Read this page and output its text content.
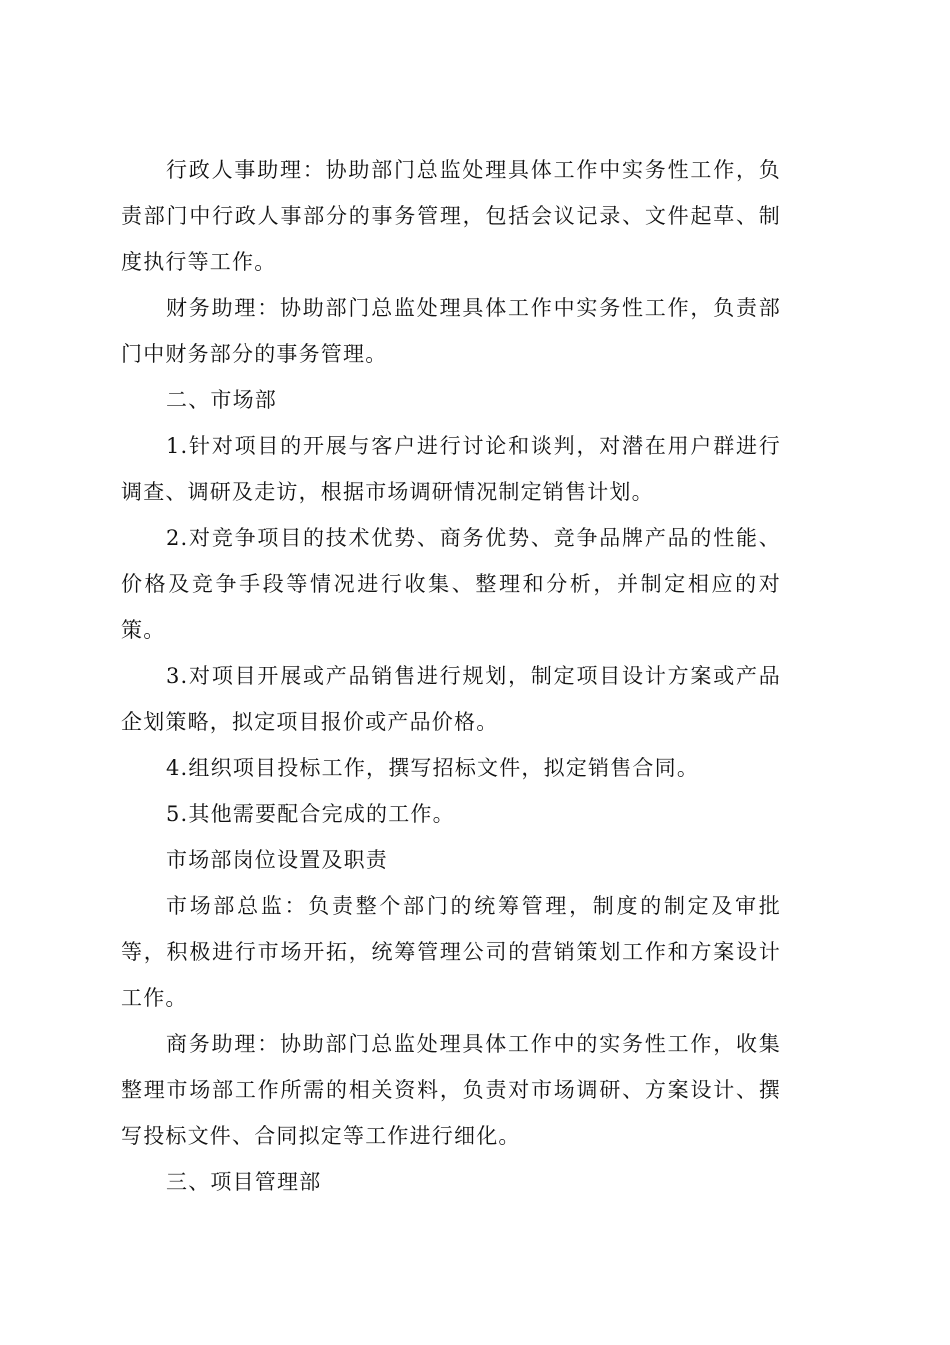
行政人事助理：协助部门总监处理具体工作中实务性工作，负责部门中行政人事部分的事务管理，包括会议记录、文件起草、制度执行等工作。

财务助理：协助部门总监处理具体工作中实务性工作，负责部门中财务部分的事务管理。

二、市场部

1.针对项目的开展与客户进行讨论和谈判，对潜在用户群进行调查、调研及走访，根据市场调研情况制定销售计划。

2.对竞争项目的技术优势、商务优势、竞争品牌产品的性能、价格及竞争手段等情况进行收集、整理和分析，并制定相应的对策。

3.对项目开展或产品销售进行规划，制定项目设计方案或产品企划策略，拟定项目报价或产品价格。

4.组织项目投标工作，撰写招标文件，拟定销售合同。

5.其他需要配合完成的工作。

市场部岗位设置及职责

市场部总监：负责整个部门的统筹管理，制度的制定及审批等，积极进行市场开拓，统筹管理公司的营销策划工作和方案设计工作。

商务助理：协助部门总监处理具体工作中的实务性工作，收集整理市场部工作所需的相关资料，负责对市场调研、方案设计、撰写投标文件、合同拟定等工作进行细化。

三、项目管理部
